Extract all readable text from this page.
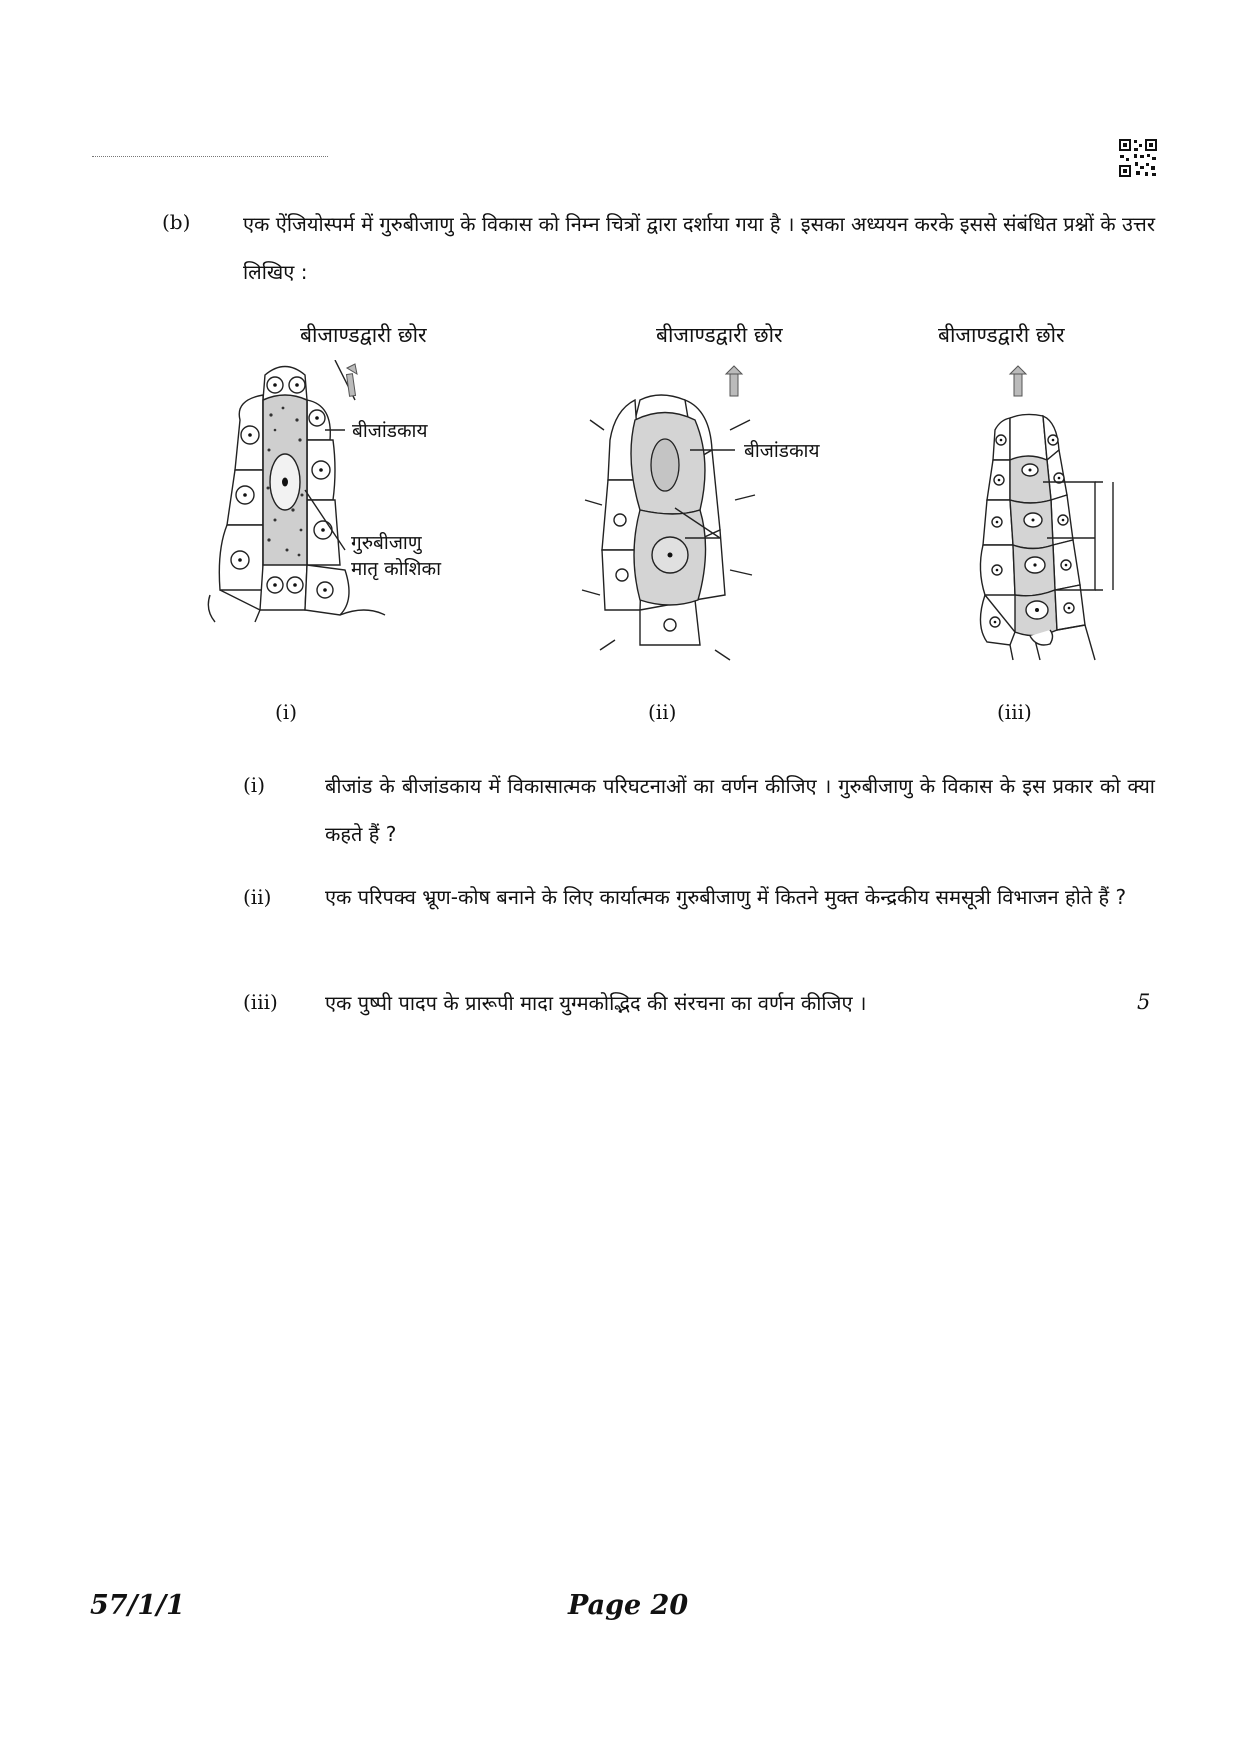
(b)	एक ऐंजियोस्पर्म में गुरुबीजाणु के विकास को निम्न चित्रों द्वारा दर्शाया गया है । इसका अध्ययन करके इससे संबंधित प्रश्नों के उत्तर लिखिए :
बीजाण्डद्वारी छोर	बीजाण्डद्वारी छोर	बीजाण्डद्वारी छोर
बीजांडकाय
गुरुबीजाणु
मातृ कोशिका
बीजांडकाय
(i)	(ii)	(iii)
(i)	बीजांड के बीजांडकाय में विकासात्मक परिघटनाओं का वर्णन कीजिए । गुरुबीजाणु के विकास के इस प्रकार को क्या कहते हैं ?
(ii)	एक परिपक्व भ्रूण-कोष बनाने के लिए कार्यात्मक गुरुबीजाणु में कितने मुक्त केन्द्रकीय समसूत्री विभाजन होते हैं ?
(iii) एक पुष्पी पादप के प्रारूपी मादा युग्मकोद्भिद की संरचना का वर्णन कीजिए ।	5
57/1/1	Page 20
